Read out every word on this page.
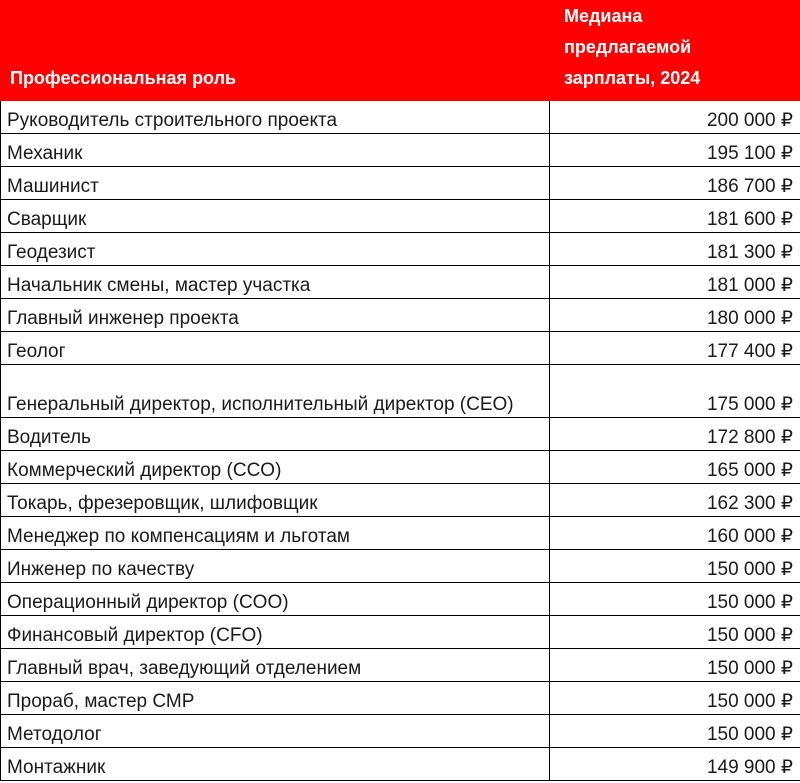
Профессиональная роль	Медиана
предлагаемой
зарплаты, 2024

Руководитель строительного проекта	200 000 ₽
Механик	195 100 ₽
Машинист	186 700 ₽
Сварщик	181 600 ₽
Геодезист	181 300 ₽
Начальник смены, мастер участка	181 000 ₽
Главный инженер проекта	180 000 ₽
Геолог	177 400 ₽
Генеральный директор, исполнительный директор (CEO)	175 000 ₽
Водитель	172 800 ₽
Коммерческий директор (CCO)	165 000 ₽
Токарь, фрезеровщик, шлифовщик	162 300 ₽
Менеджер по компенсациям и льготам	160 000 ₽
Инженер по качеству	150 000 ₽
Операционный директор (COO)	150 000 ₽
Финансовый директор (CFO)	150 000 ₽
Главный врач, заведующий отделением	150 000 ₽
Прораб, мастер СМР	150 000 ₽
Методолог	150 000 ₽
Монтажник	149 900 ₽
